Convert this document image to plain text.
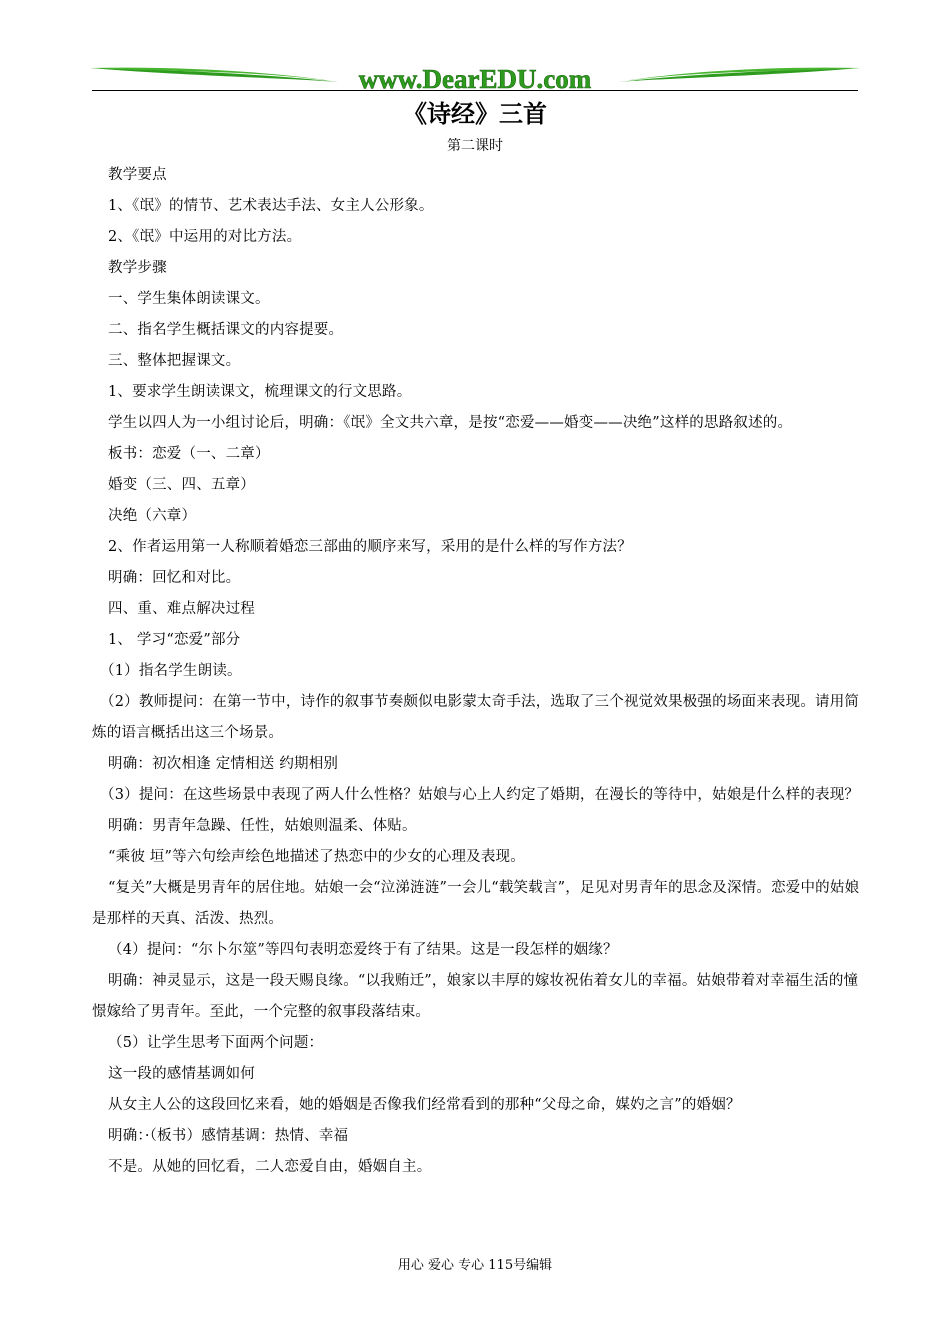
www.DearEDU.com
《诗经》三首
第二课时

教学要点

1、《氓》的情节、艺术表达手法、女主人公形象。

2、《氓》中运用的对比方法。

教学步骤

一、学生集体朗读课文。

二、指名学生概括课文的内容提要。

三、整体把握课文。

1、要求学生朗读课文，梳理课文的行文思路。

学生以四人为一小组讨论后，明确：《氓》全文共六章，是按“恋爱——婚变——决绝”这样的思路叙述的。

板书：恋爱（一、二章）

婚变（三、四、五章）

决绝（六章）

2、作者运用第一人称顺着婚恋三部曲的顺序来写，采用的是什么样的写作方法？

明确：回忆和对比。

四、重、难点解决过程

1、 学习“恋爱”部分

（1）指名学生朗读。

（2）教师提问：在第一节中，诗作的叙事节奏颇似电影蒙太奇手法，选取了三个视觉效果极强的场面来表现。请用简炼的语言概括出这三个场景。

明确：初次相逢 定情相送 约期相别

（3）提问：在这些场景中表现了两人什么性格？姑娘与心上人约定了婚期，在漫长的等待中，姑娘是什么样的表现？

明确：男青年急躁、任性，姑娘则温柔、体贴。

“乘彼 垣”等六句绘声绘色地描述了热恋中的少女的心理及表现。

“复关”大概是男青年的居住地。姑娘一会“泣涕涟涟”一会儿“载笑载言”，足见对男青年的思念及深情。恋爱中的姑娘是那样的天真、活泼、热烈。

（4）提问：“尔卜尔筮”等四句表明恋爱终于有了结果。这是一段怎样的姻缘？

明确：神灵显示，这是一段天赐良缘。“以我贿迁”，娘家以丰厚的嫁妆祝佑着女儿的幸福。姑娘带着对幸福生活的憧憬嫁给了男青年。至此，一个完整的叙事段落结束。

（5）让学生思考下面两个问题：

这一段的感情基调如何

从女主人公的这段回忆来看，她的婚姻是否像我们经常看到的那种“父母之命，媒妁之言”的婚姻？

明确：·（板书）感情基调：热情、幸福

不是。从她的回忆看，二人恋爱自由，婚姻自主。

用心 爱心 专心 115号编辑
